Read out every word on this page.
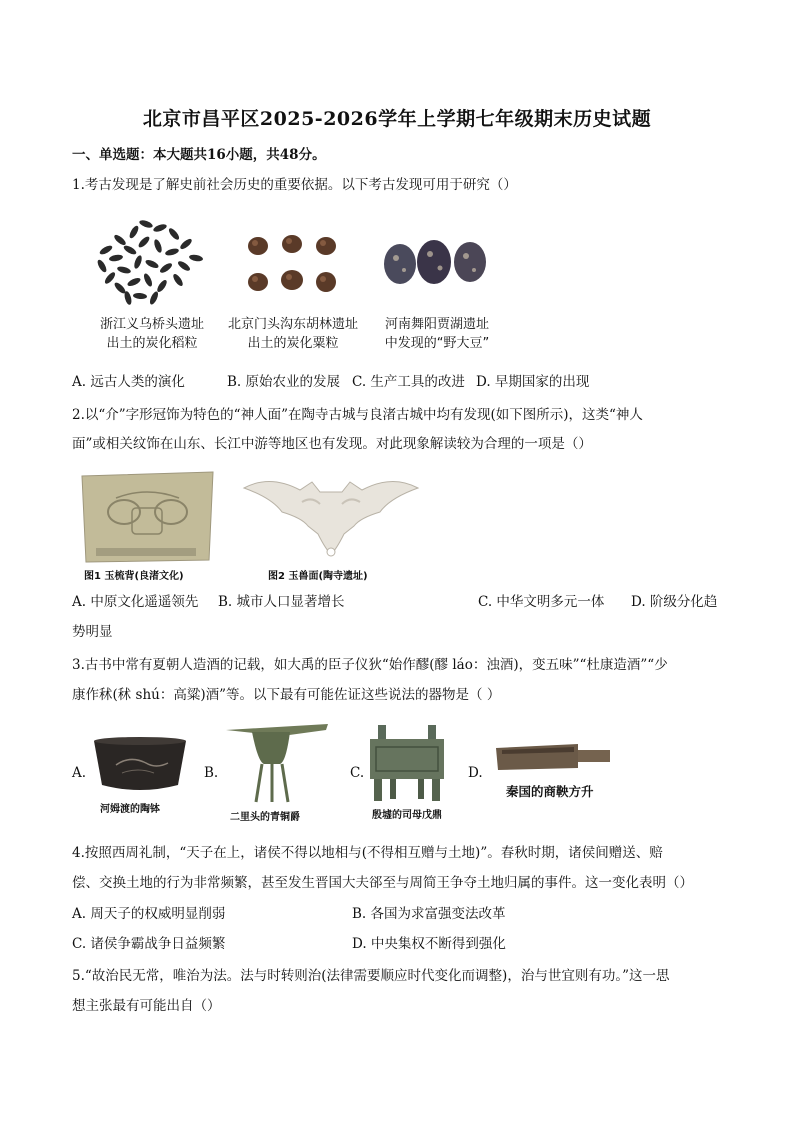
北京市昌平区2025-2026学年上学期七年级期末历史试题
一、单选题：本大题共16小题，共48分。
1.考古发现是了解史前社会历史的重要依据。以下考古发现可用于研究（）
浙江义乌桥头遗址
出土的炭化稻粒
北京门头沟东胡林遗址
出土的炭化粟粒
河南舞阳贾湖遗址
中发现的“野大豆”
A. 远古人类的演化	B. 原始农业的发展 C. 生产工具的改进 D. 早期国家的出现
2.以“介”字形冠饰为特色的“神人面”在陶寺古城与良渚古城中均有发现(如下图所示)，这类“神人
面”或相关纹饰在山东、长江中游等地区也有发现。对此现象解读较为合理的一项是（）
图1 玉梳背(良渚文化)	图2 玉兽面(陶寺遗址)
A. 中原文化遥遥领先 B. 城市人口显著增长	C. 中华文明多元一体 D. 阶级分化趋
势明显
3.古书中常有夏朝人造酒的记载，如大禹的臣子仪狄“始作醪(醪 láo：浊酒)，变五味”“杜康造酒”“少
康作秫(秫 shú：高粱)酒”等。以下最有可能佐证这些说法的器物是（ ）
A.
河姆渡的陶钵
B.
二里头的青铜爵
C.
殷墟的司母戊鼎
D.
秦国的商鞅方升
4.按照西周礼制，“天子在上，诸侯不得以地相与(不得相互赠与土地)”。春秋时期，诸侯间赠送、赔
偿、交换土地的行为非常频繁，甚至发生晋国大夫郤至与周简王争夺土地归属的事件。这一变化表明（）
A. 周天子的权威明显削弱	B. 各国为求富强变法改革
C. 诸侯争霸战争日益频繁	D. 中央集权不断得到强化
5.“故治民无常，唯治为法。法与时转则治(法律需要顺应时代变化而调整)，治与世宜则有功。”这一思
想主张最有可能出自（）
